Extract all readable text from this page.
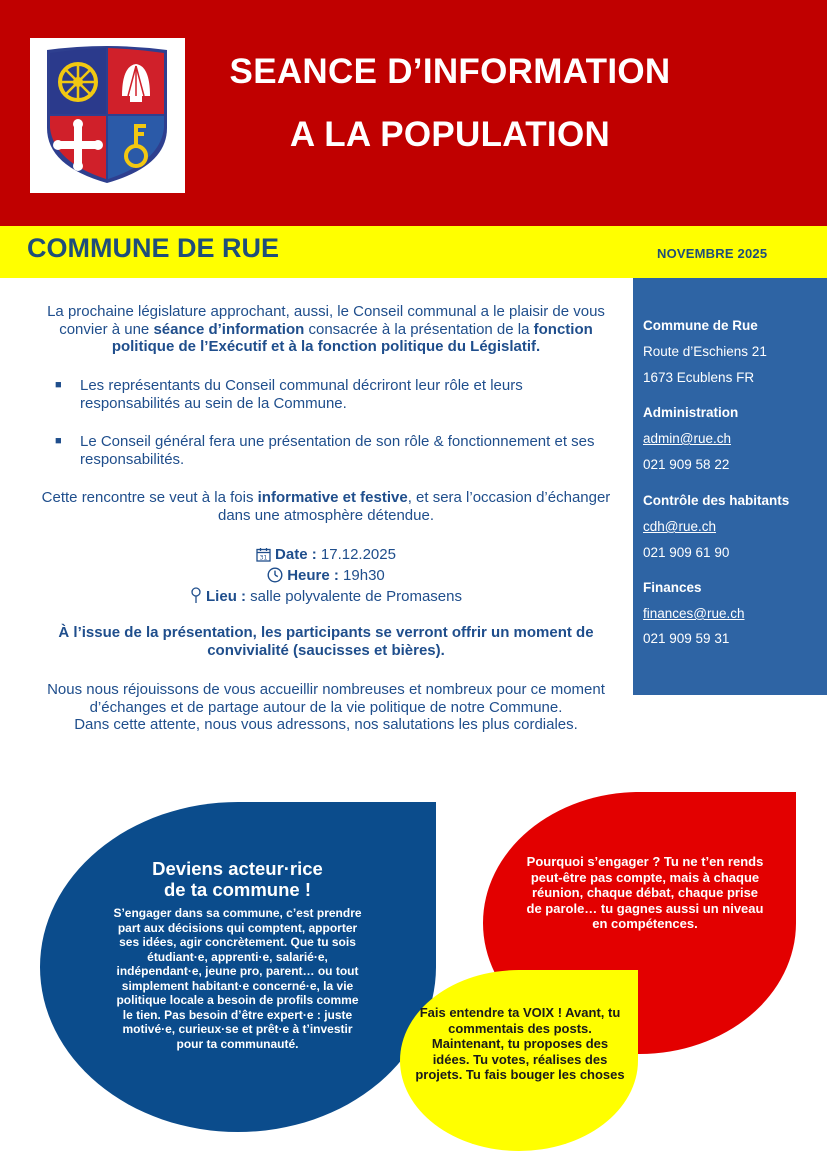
SEANCE D’INFORMATION
A LA POPULATION
COMMUNE DE RUE	NOVEMBRE 2025
Commune de Rue
Route d’Eschiens 21
1673 Ecublens FR
Administration
admin@rue.ch
021 909 58 22
Contrôle des habitants
cdh@rue.ch
021 909 61 90
Finances
finances@rue.ch
021 909 59 31
La prochaine législature approchant, aussi, le Conseil communal a le plaisir de vous convier à une séance d’information consacrée à la présentation de la fonction politique de l’Exécutif et à la fonction politique du Législatif.
■ Les représentants du Conseil communal décriront leur rôle et leurs responsabilités au sein de la Commune.
■ Le Conseil général fera une présentation de son rôle & fonctionnement et ses responsabilités.
Cette rencontre se veut à la fois informative et festive, et sera l’occasion d’échanger dans une atmosphère détendue.
31 Date : 17.12.2025
Heure : 19h30
Lieu : salle polyvalente de Promasens
À l’issue de la présentation, les participants se verront offrir un moment de convivialité (saucisses et bières).
Nous nous réjouissons de vous accueillir nombreuses et nombreux pour ce moment d’échanges et de partage autour de la vie politique de notre Commune.
Dans cette attente, nous vous adressons, nos salutations les plus cordiales.
Deviens acteur·rice
de ta commune !
S’engager dans sa commune, c’est prendre part aux décisions qui comptent, apporter ses idées, agir concrètement. Que tu sois étudiant·e, apprenti·e, salarié·e, indépendant·e, jeune pro, parent… ou tout simplement habitant·e concerné·e, la vie politique locale a besoin de profils comme le tien. Pas besoin d’être expert·e : juste motivé·e, curieux·se et prêt·e à t’investir pour ta communauté.
Pourquoi s’engager ? Tu ne t’en rends peut-être pas compte, mais à chaque réunion, chaque débat, chaque prise de parole… tu gagnes aussi un niveau en compétences.
Fais entendre ta VOIX ! Avant, tu commentais des posts. Maintenant, tu proposes des idées. Tu votes, réalises des projets. Tu fais bouger les choses
